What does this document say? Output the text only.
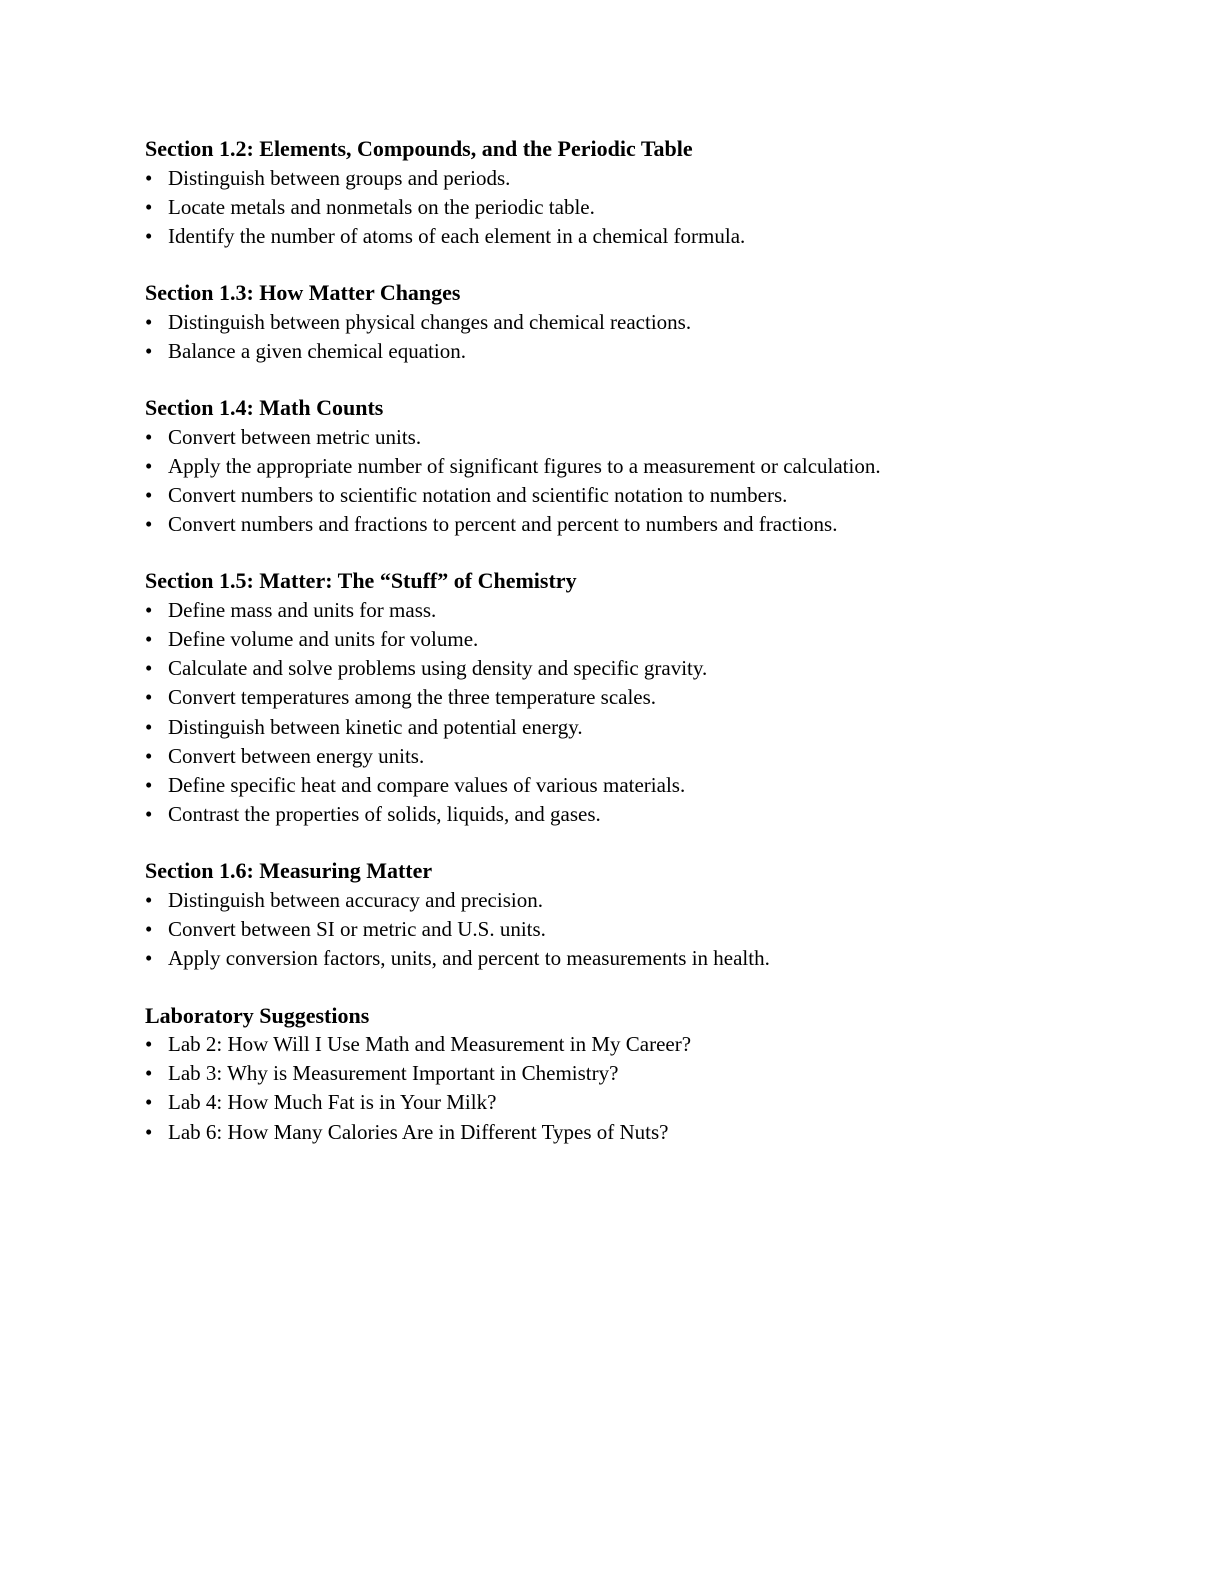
Section 1.2: Elements, Compounds, and the Periodic Table

• Distinguish between groups and periods.
• Locate metals and nonmetals on the periodic table.
• Identify the number of atoms of each element in a chemical formula.

Section 1.3: How Matter Changes

• Distinguish between physical changes and chemical reactions.
• Balance a given chemical equation.

Section 1.4: Math Counts

• Convert between metric units.
• Apply the appropriate number of significant figures to a measurement or calculation.
• Convert numbers to scientific notation and scientific notation to numbers.
• Convert numbers and fractions to percent and percent to numbers and fractions.

Section 1.5: Matter: The “Stuff” of Chemistry

• Define mass and units for mass.
• Define volume and units for volume.
• Calculate and solve problems using density and specific gravity.
• Convert temperatures among the three temperature scales.
• Distinguish between kinetic and potential energy.
• Convert between energy units.
• Define specific heat and compare values of various materials.
• Contrast the properties of solids, liquids, and gases.

Section 1.6: Measuring Matter

• Distinguish between accuracy and precision.
• Convert between SI or metric and U.S. units.
• Apply conversion factors, units, and percent to measurements in health.

Laboratory Suggestions

• Lab 2: How Will I Use Math and Measurement in My Career?
• Lab 3: Why is Measurement Important in Chemistry?
• Lab 4: How Much Fat is in Your Milk?
• Lab 6: How Many Calories Are in Different Types of Nuts?
